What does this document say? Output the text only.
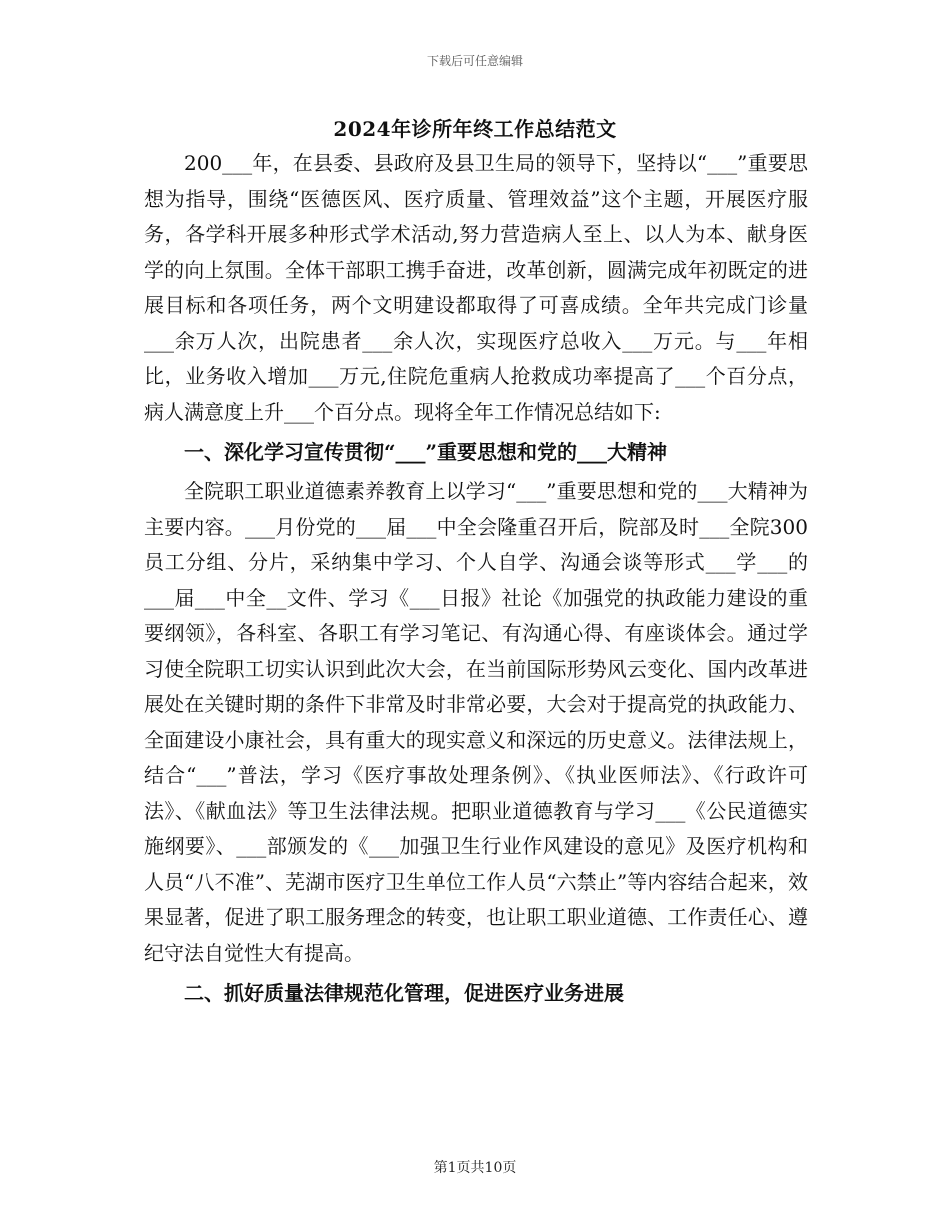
下载后可任意编辑
2024年诊所年终工作总结范文

200___年，在县委、县政府及县卫生局的领导下，坚持以“___”重要思想为指导，围绕“医德医风、医疗质量、管理效益”这个主题，开展医疗服务，各学科开展多种形式学术活动,努力营造病人至上、以人为本、献身医学的向上氛围。全体干部职工携手奋进，改革创新，圆满完成年初既定的进展目标和各项任务，两个文明建设都取得了可喜成绩。全年共完成门诊量___余万人次，出院患者___余人次，实现医疗总收入___万元。与___年相比，业务收入增加___万元,住院危重病人抢救成功率提高了___个百分点，病人满意度上升___个百分点。现将全年工作情况总结如下:

一、深化学习宣传贯彻“___”重要思想和党的___大精神

全院职工职业道德素养教育上以学习“___”重要思想和党的___大精神为主要内容。___月份党的___届___中全会隆重召开后，院部及时___全院300员工分组、分片，采纳集中学习、个人自学、沟通会谈等形式___学___的___届___中全__文件、学习《___日报》社论《加强党的执政能力建设的重要纲领》，各科室、各职工有学习笔记、有沟通心得、有座谈体会。通过学习使全院职工切实认识到此次大会，在当前国际形势风云变化、国内改革进展处在关键时期的条件下非常及时非常必要，大会对于提高党的执政能力、全面建设小康社会，具有重大的现实意义和深远的历史意义。法律法规上，结合“___”普法，学习《医疗事故处理条例》、《执业医师法》、《行政许可法》、《献血法》等卫生法律法规。把职业道德教育与学习___《公民道德实施纲要》、___部颁发的《___加强卫生行业作风建设的意见》及医疗机构和人员“八不准”、芜湖市医疗卫生单位工作人员“六禁止”等内容结合起来，效果显著，促进了职工服务理念的转变，也让职工职业道德、工作责任心、遵纪守法自觉性大有提高。

二、抓好质量法律规范化管理，促进医疗业务进展
第1页共10页
